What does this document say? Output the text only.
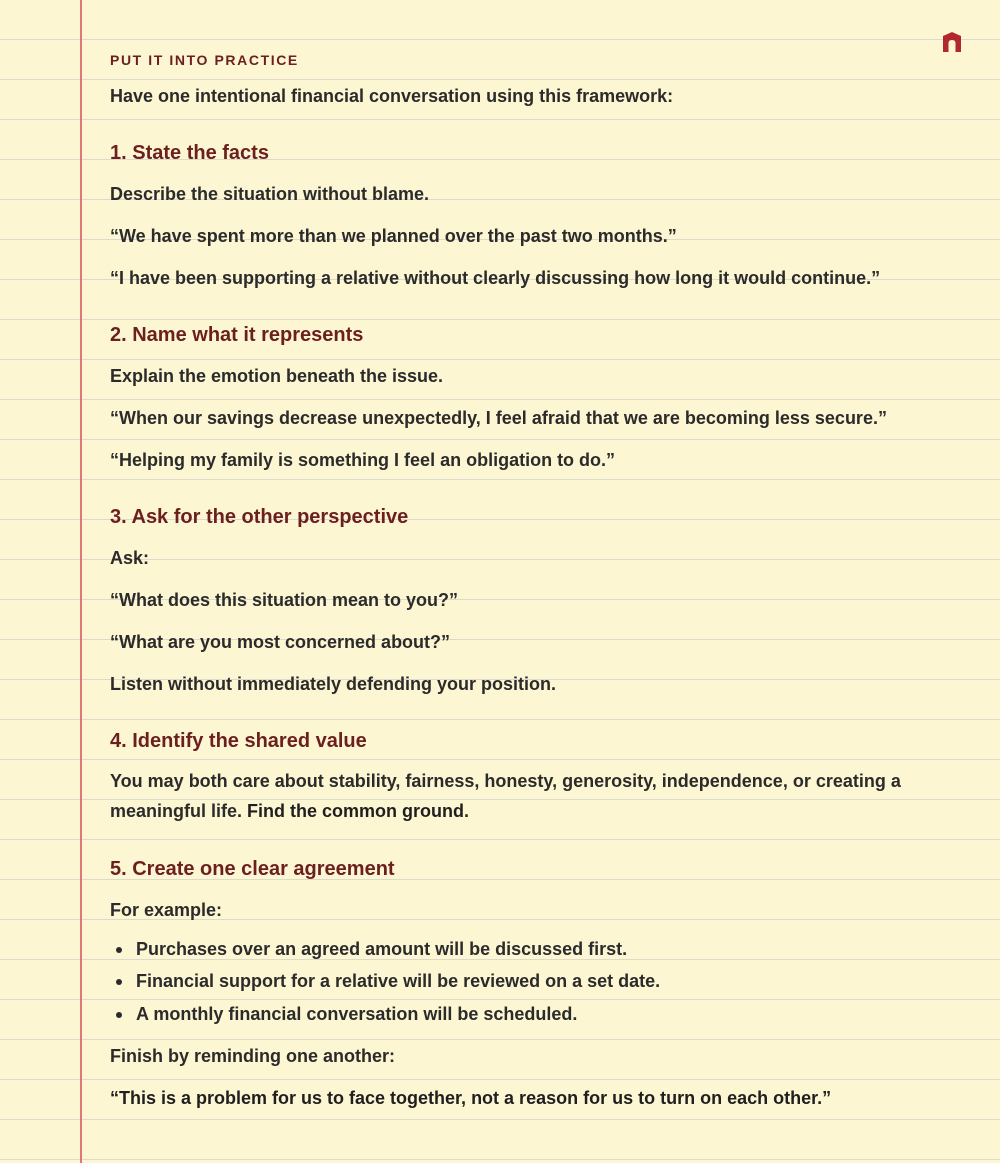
PUT IT INTO PRACTICE
Have one intentional financial conversation using this framework:
1. State the facts
Describe the situation without blame.
“We have spent more than we planned over the past two months.”
“I have been supporting a relative without clearly discussing how long it would continue.”
2. Name what it represents
Explain the emotion beneath the issue.
“When our savings decrease unexpectedly, I feel afraid that we are becoming less secure.”
“Helping my family is something I feel an obligation to do.”
3. Ask for the other perspective
Ask:
“What does this situation mean to you?”
“What are you most concerned about?”
Listen without immediately defending your position.
4. Identify the shared value
You may both care about stability, fairness, honesty, generosity, independence, or creating a meaningful life. Find the common ground.
5. Create one clear agreement
For example:
Purchases over an agreed amount will be discussed first.
Financial support for a relative will be reviewed on a set date.
A monthly financial conversation will be scheduled.
Finish by reminding one another:
“This is a problem for us to face together, not a reason for us to turn on each other.”
